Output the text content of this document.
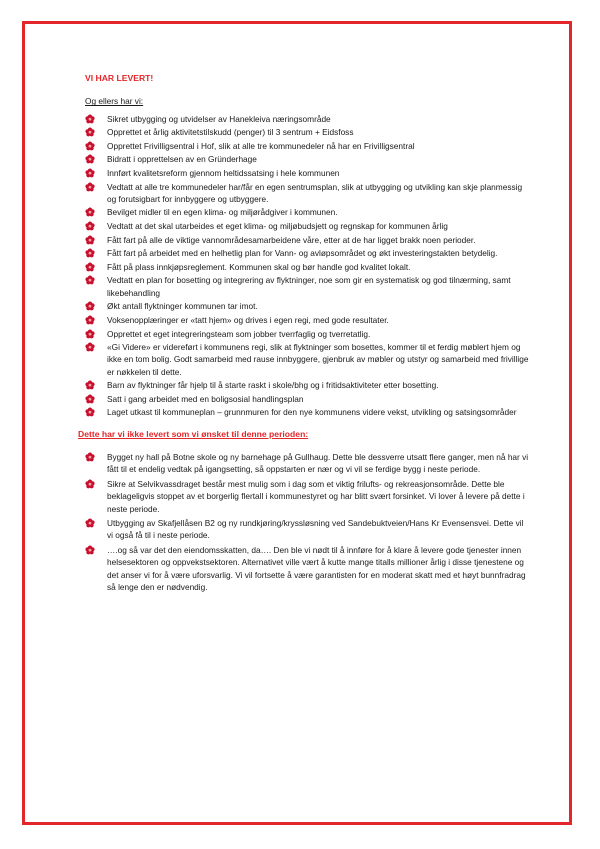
VI HAR LEVERT!

Og ellers har vi:

Sikret utbygging og utvidelser av Hanekleiva næringsområde
Opprettet et årlig aktivitetstilskudd (penger) til 3 sentrum + Eidsfoss
Opprettet Frivilligsentral i Hof, slik at alle tre kommunedeler nå har en Frivilligsentral
Bidratt i opprettelsen av en Gründerhage
Innført kvalitetsreform gjennom heltidssatsing i hele kommunen
Vedtatt at alle tre kommunedeler har/får en egen sentrumsplan, slik at utbygging og utvikling kan skje planmessig og forutsigbart for innbyggere og utbyggere.
Bevilget midler til en egen klima- og miljørådgiver i kommunen.
Vedtatt at det skal utarbeides et eget klima- og miljøbudsjett og regnskap for kommunen årlig
Fått fart på alle de viktige vannområdesamarbeidene våre, etter at de har ligget brakk noen perioder.
Fått fart på arbeidet med en helhetlig plan for Vann- og avløpsområdet og økt investeringstakten betydelig.
Fått på plass innkjøpsreglement. Kommunen skal og bør handle god kvalitet lokalt.
Vedtatt en plan for bosetting og integrering av flyktninger, noe som gir en systematisk og god tilnærming, samt likebehandling
Økt antall flyktninger kommunen tar imot.
Voksenopplæringer er «tatt hjem» og drives i egen regi, med gode resultater.
Opprettet et eget integreringsteam som jobber tverrfaglig og tverretatlig.
«Gi Videre» er videreført i kommunens regi, slik at flyktninger som bosettes, kommer til et ferdig møblert hjem og ikke en tom bolig. Godt samarbeid med rause innbyggere, gjenbruk av møbler og utstyr og samarbeid med frivillige er nøkkelen til dette.
Barn av flyktninger får hjelp til å starte raskt i skole/bhg og i fritidsaktiviteter etter bosetting.
Satt i gang arbeidet med en boligsosial handlingsplan
Laget utkast til kommuneplan – grunnmuren for den nye kommunens videre vekst, utvikling og satsingsområder

Dette har vi ikke levert som vi ønsket til denne perioden:

Bygget ny hall på Botne skole og ny barnehage på Gullhaug. Dette ble dessverre utsatt flere ganger, men nå har vi fått til et endelig vedtak på igangsetting, så oppstarten er nær og vi vil se ferdige bygg i neste periode.
Sikre at Selvikvassdraget består mest mulig som i dag som et viktig frilufts- og rekreasjonsområde. Dette ble beklageligvis stoppet av et borgerlig flertall i kommunestyret og har blitt svært forsinket. Vi lover å levere på dette i neste periode.
Utbygging av Skafjellåsen B2 og ny rundkjøring/kryssløsning ved Sandebuktveien/Hans Kr Evensensvei. Dette vil vi også få til i neste periode.
….og så var det den eiendomsskatten, da…. Den ble vi nødt til å innføre for å klare å levere gode tjenester innen helsesektoren og oppvekstsektoren. Alternativet ville vært å kutte mange titalls millioner årlig i disse tjenestene og det anser vi for å være uforsvarlig. Vi vil fortsette å være garantisten for en moderat skatt med et høyt bunnfradrag så lenge den er nødvendig.
